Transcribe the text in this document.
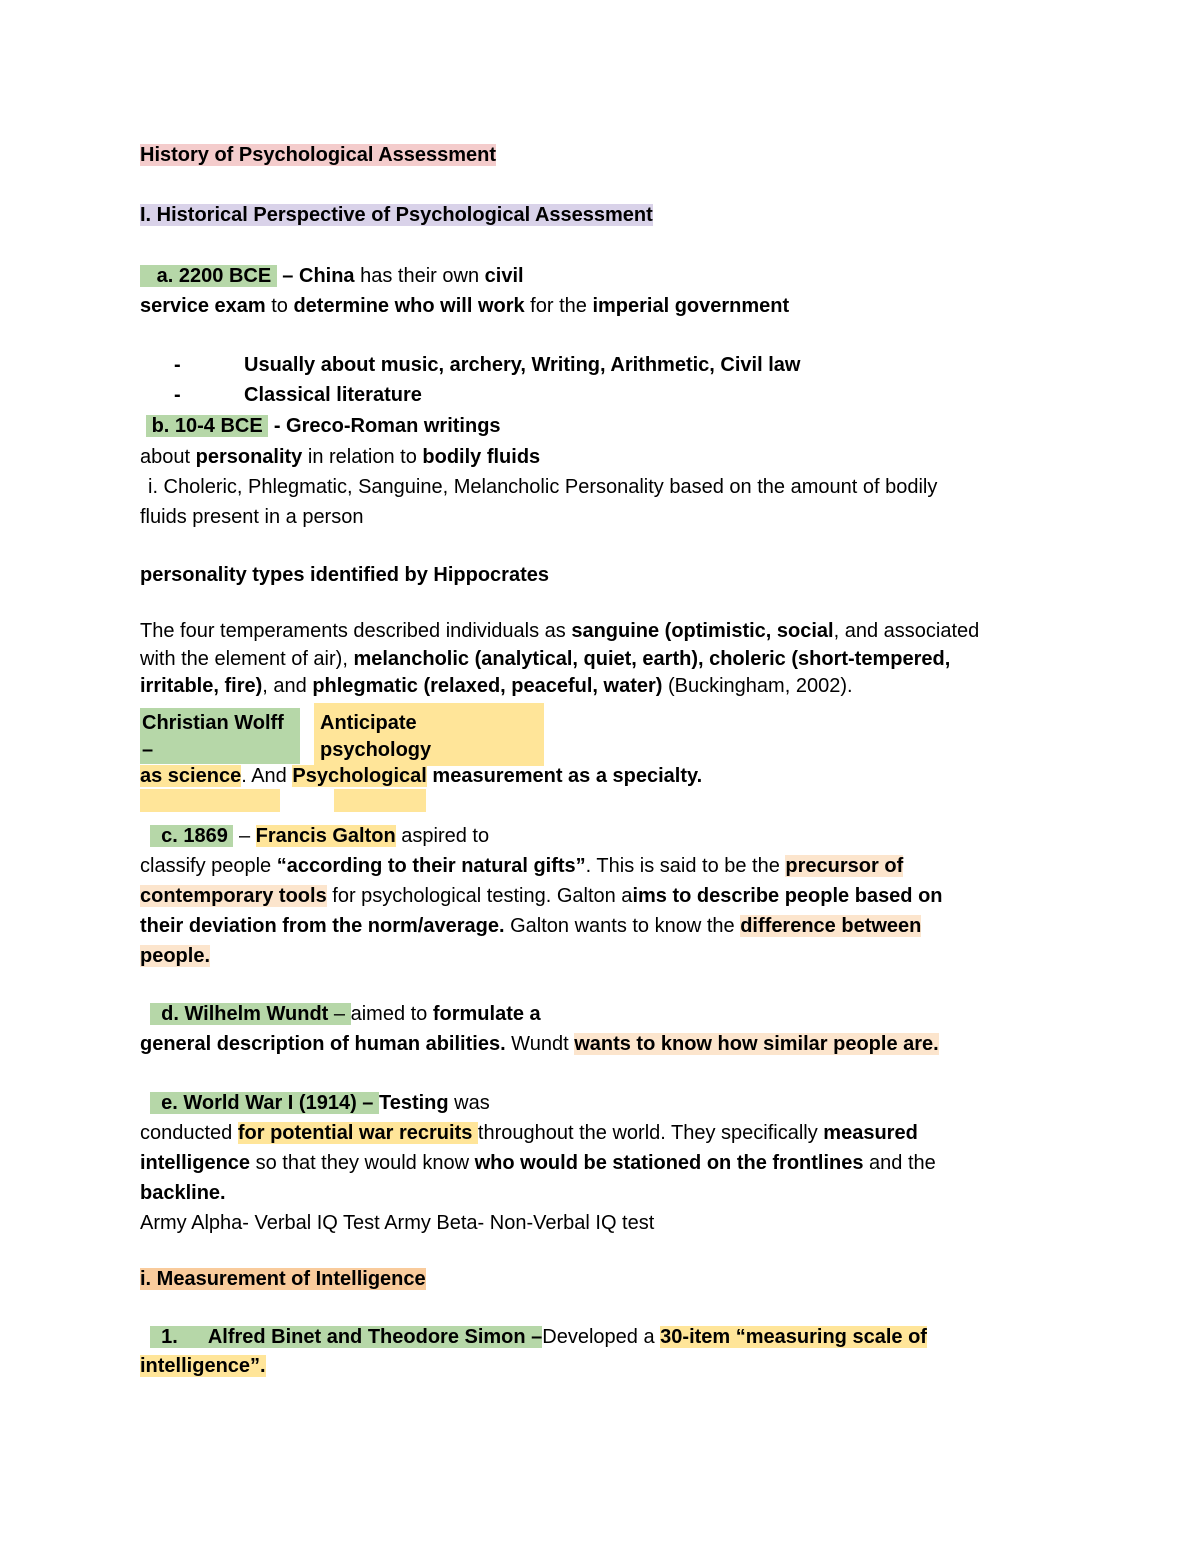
History of Psychological Assessment
I. Historical Perspective of Psychological Assessment
a. 2200 BCE  – China has their own civil
service exam to determine who will work for the imperial government
-	Usually about music, archery, Writing, Arithmetic, Civil law
-	Classical literature
b. 10-4 BCE  - Greco-Roman writings
about personality in relation to bodily fluids
i. Choleric, Phlegmatic, Sanguine, Melancholic Personality based on the amount of bodily
fluids present in a person
personality types identified by Hippocrates
The four temperaments described individuals as sanguine (optimistic, social, and associated
with the element of air), melancholic (analytical, quiet, earth), choleric (short-tempered,
irritable, fire), and phlegmatic (relaxed, peaceful, water) (Buckingham, 2002).
Christian Wolff
–
Anticipate
psychology
as science. And Psychological measurement as a specialty.
c. 1869  – Francis Galton aspired to
classify people “according to their natural gifts”. This is said to be the precursor of
contemporary tools for psychological testing. Galton aims to describe people based on
their deviation from the norm/average. Galton wants to know the difference between
people.
d. Wilhelm Wundt – aimed to formulate a
general description of human abilities. Wundt wants to know how similar people are.
e. World War I (1914) – Testing was
conducted for potential war recruits throughout the world. They specifically measured
intelligence so that they would know who would be stationed on the frontlines and the
backline.
Army Alpha- Verbal IQ Test Army Beta- Non-Verbal IQ test
i. Measurement of Intelligence
1. Alfred Binet and Theodore Simon –Developed a 30-item “measuring scale of
intelligence”.
